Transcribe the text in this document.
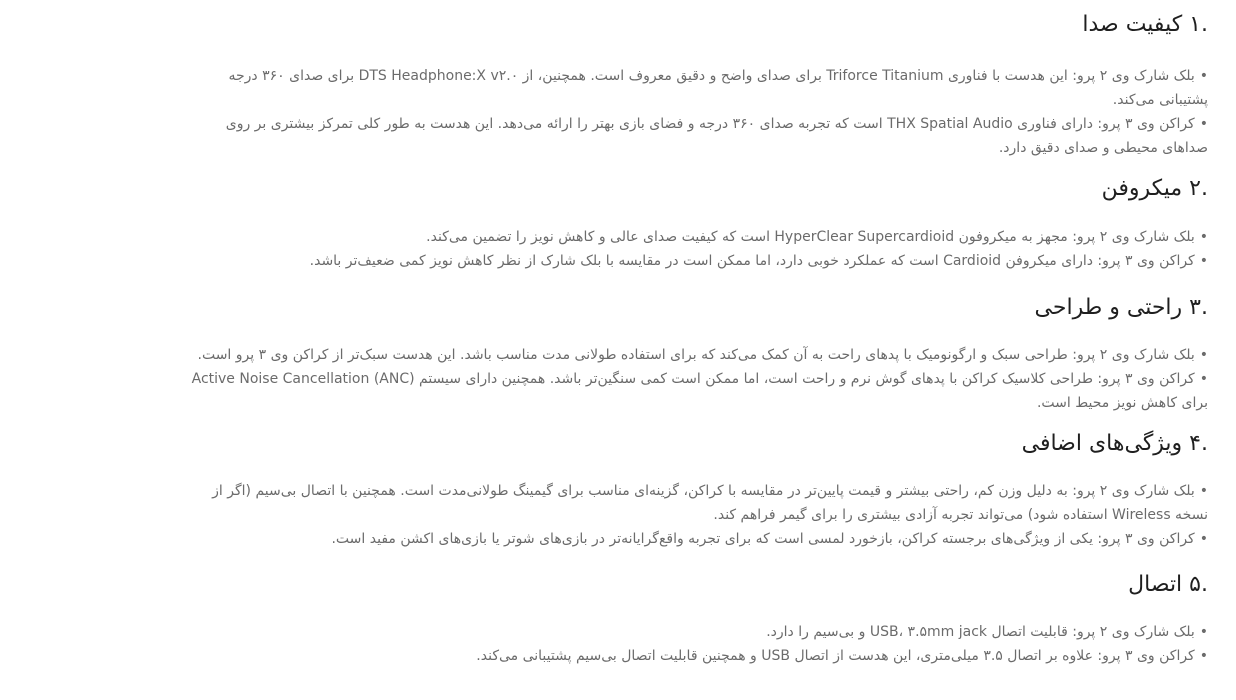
.۱ کیفیت صدا
•بلک شارک وی ۲ پرو: این هدست با فناوری Triforce Titanium برای صدای واضح و دقیق معروف است. همچنین، از DTS Headphone:X v۲.۰ برای صدای ۳۶۰ درجه پشتیبانی می‌کند.
•کراکن وی ۳ پرو: دارای فناوری THX Spatial Audio است که تجربه صدای ۳۶۰ درجه و فضای بازی بهتر را ارائه می‌دهد. این هدست به طور کلی تمرکز بیشتری بر روی صداهای محیطی و صدای دقیق دارد.
.۲ میکروفن
•بلک شارک وی ۲ پرو: مجهز به میکروفون HyperClear Supercardioid است که کیفیت صدای عالی و کاهش نویز را تضمین می‌کند.
•کراکن وی ۳ پرو: دارای میکروفن Cardioid است که عملکرد خوبی دارد، اما ممکن است در مقایسه با بلک شارک از نظر کاهش نویز کمی ضعیف‌تر باشد.
.۳ راحتی و طراحی
•بلک شارک وی ۲ پرو: طراحی سبک و ارگونومیک با پدهای راحت به آن کمک می‌کند که برای استفاده طولانی مدت مناسب باشد. این هدست سبک‌تر از کراکن وی ۳ پرو است.
•کراکن وی ۳ پرو: طراحی کلاسیک کراکن با پدهای گوش نرم و راحت است، اما ممکن است کمی سنگین‌تر باشد. همچنین دارای سیستم Active Noise Cancellation (ANC) برای کاهش نویز محیط است.
.۴ ویژگی‌های اضافی
•بلک شارک وی ۲ پرو: به دلیل وزن کم، راحتی بیشتر و قیمت پایین‌تر در مقایسه با کراکن، گزینه‌ای مناسب برای گیمینگ طولانی‌مدت است. همچنین با اتصال بی‌سیم (اگر از نسخه Wireless استفاده شود) می‌تواند تجربه آزادی بیشتری را برای گیمر فراهم کند.
•کراکن وی ۳ پرو: یکی از ویژگی‌های برجسته کراکن، بازخورد لمسی است که برای تجربه واقع‌گرایانه‌تر در بازی‌های شوتر یا بازی‌های اکشن مفید است.
.۵ اتصال
•بلک شارک وی ۲ پرو: قابلیت اتصال USB، ۳.۵mm jack و بی‌سیم را دارد.
•کراکن وی ۳ پرو: علاوه بر اتصال ۳.۵ میلی‌متری، این هدست از اتصال USB و همچنین قابلیت اتصال بی‌سیم پشتیبانی می‌کند.
